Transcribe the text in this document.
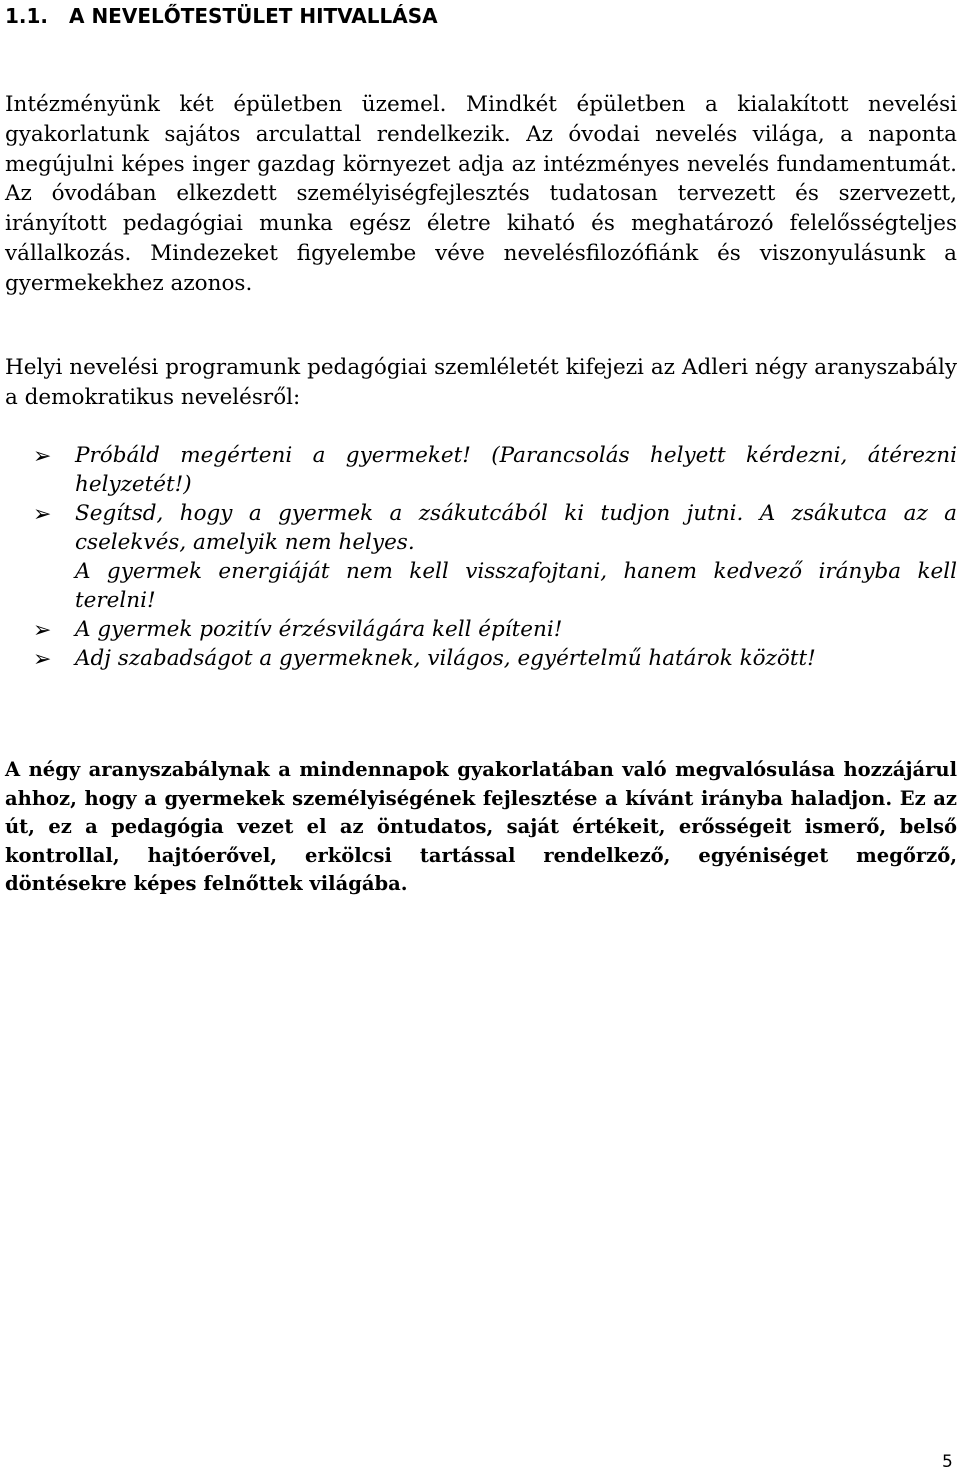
1.1. A NEVELŐTESTÜLET HITVALLÁSA
Intézményünk két épületben üzemel. Mindkét épületben a kialakított nevelési gyakorlatunk sajátos arculattal rendelkezik. Az óvodai nevelés világa, a naponta megújulni képes inger gazdag környezet adja az intézményes nevelés fundamentumát. Az óvodában elkezdett személyiségfejlesztés tudatosan tervezett és szervezett, irányított pedagógiai munka egész életre kiható és meghatározó felelősségteljes vállalkozás. Mindezeket figyelembe véve nevelésfilozófiánk és viszonyulásunk a gyermekekhez azonos.
Helyi nevelési programunk pedagógiai szemléletét kifejezi az Adleri négy aranyszabály a demokratikus nevelésről:
➢ Próbáld megérteni a gyermeket! (Parancsolás helyett kérdezni, átérezni helyzetét!)
➢ Segítsd, hogy a gyermek a zsákutcából ki tudjon jutni. A zsákutca az a cselekvés, amelyik nem helyes.
A gyermek energiáját nem kell visszafojtani, hanem kedvező irányba kell terelni!
➢ A gyermek pozitív érzésvilágára kell építeni!
➢ Adj szabadságot a gyermeknek, világos, egyértelmű határok között!
A négy aranyszabálynak a mindennapok gyakorlatában való megvalósulása hozzájárul ahhoz, hogy a gyermekek személyiségének fejlesztése a kívánt irányba haladjon. Ez az út, ez a pedagógia vezet el az öntudatos, saját értékeit, erősségeit ismerő, belső kontrollal, hajtóerővel, erkölcsi tartással rendelkező, egyéniséget megőrző, döntésekre képes felnőttek világába.
5
